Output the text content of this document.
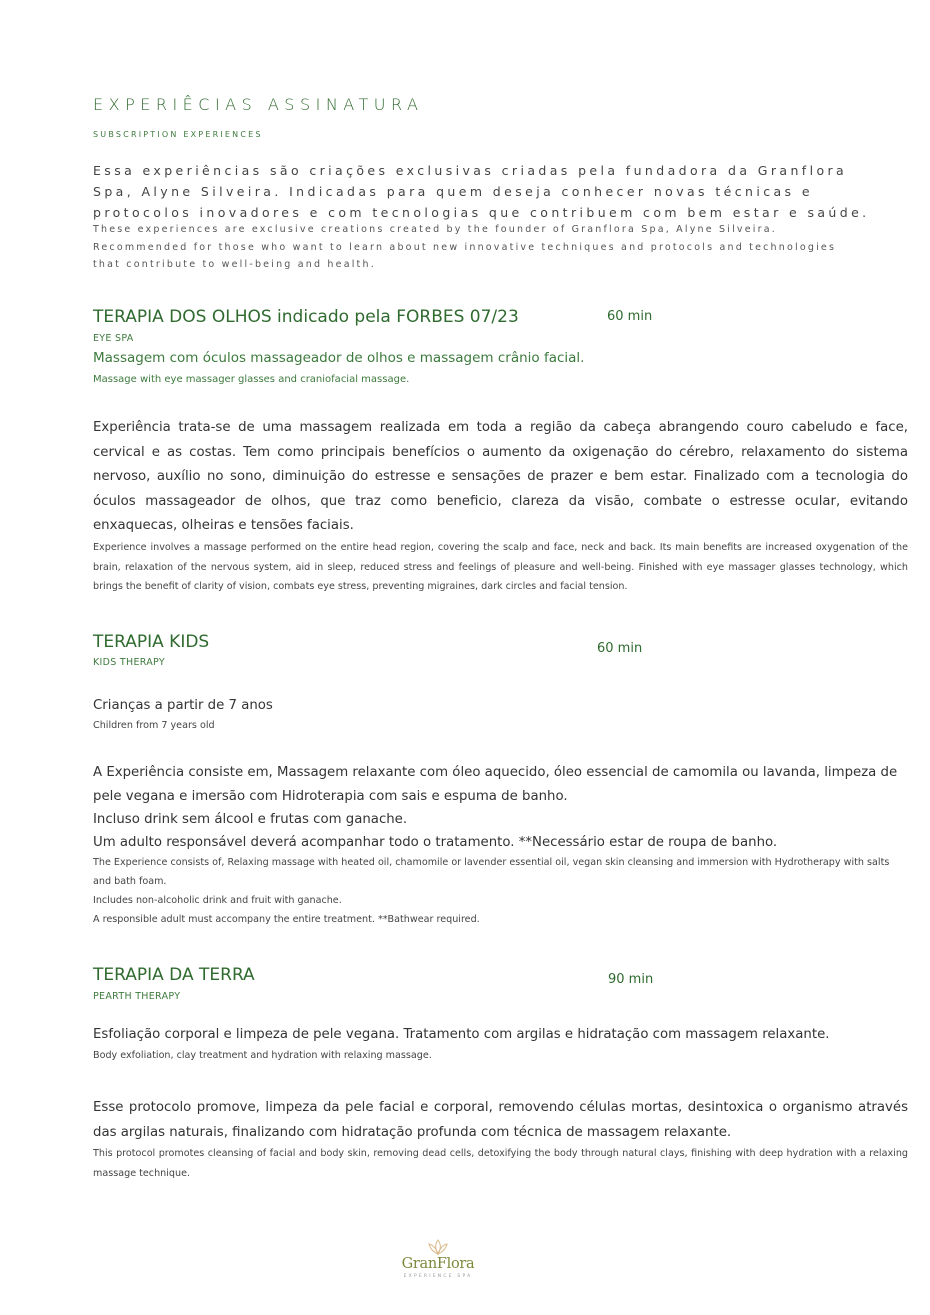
EXPERIÊCIAS ASSINATURA
SUBSCRIPTION EXPERIENCES
Essa experiências são criações exclusivas criadas pela fundadora da Granflora Spa, Alyne Silveira. Indicadas para quem deseja conhecer novas técnicas e protocolos inovadores e com tecnologias que contribuem com bem estar e saúde.
These experiences are exclusive creations created by the founder of Granflora Spa, Alyne Silveira. Recommended for those who want to learn about new innovative techniques and protocols and technologies that contribute to well-being and health.
TERAPIA DOS OLHOS indicado pela FORBES 07/23	60 min
EYE SPA
Massagem com óculos massageador de olhos e massagem crânio facial.
Massage with eye massager glasses and craniofacial massage.
Experiência trata-se de uma massagem realizada em toda a região da cabeça abrangendo couro cabeludo e face, cervical e as costas. Tem como principais benefícios o aumento da oxigenação do cérebro, relaxamento do sistema nervoso, auxílio no sono, diminuição do estresse e sensações de prazer e bem estar. Finalizado com a tecnologia do óculos massageador de olhos, que traz como beneficio, clareza da visão, combate o estresse ocular, evitando enxaquecas, olheiras e tensões faciais.
Experience involves a massage performed on the entire head region, covering the scalp and face, neck and back. Its main benefits are increased oxygenation of the brain, relaxation of the nervous system, aid in sleep, reduced stress and feelings of pleasure and well-being. Finished with eye massager glasses technology, which brings the benefit of clarity of vision, combats eye stress, preventing migraines, dark circles and facial tension.
TERAPIA KIDS	60 min
KIDS THERAPY
Crianças a partir de 7 anos
Children from 7 years old
A Experiência consiste em, Massagem relaxante com óleo aquecido, óleo essencial de camomila ou lavanda, limpeza de pele vegana e imersão com Hidroterapia com sais e espuma de banho.
Incluso drink sem álcool e frutas com ganache.
Um adulto responsável deverá acompanhar todo o tratamento. **Necessário estar de roupa de banho.
The Experience consists of, Relaxing massage with heated oil, chamomile or lavender essential oil, vegan skin cleansing and immersion with Hydrotherapy with salts and bath foam.
Includes non-alcoholic drink and fruit with ganache.
A responsible adult must accompany the entire treatment. **Bathwear required.
TERAPIA DA TERRA	90 min
PEARTH THERAPY
Esfoliação corporal e limpeza de pele vegana. Tratamento com argilas e hidratação com massagem relaxante.
Body exfoliation, clay treatment and hydration with relaxing massage.
Esse protocolo promove, limpeza da pele facial e corporal, removendo células mortas, desintoxica o organismo através das argilas naturais, finalizando com hidratação profunda com técnica de massagem relaxante.
This protocol promotes cleansing of facial and body skin, removing dead cells, detoxifying the body through natural clays, finishing with deep hydration with a relaxing massage technique.
GranFlora
EXPERIENCE SPA
